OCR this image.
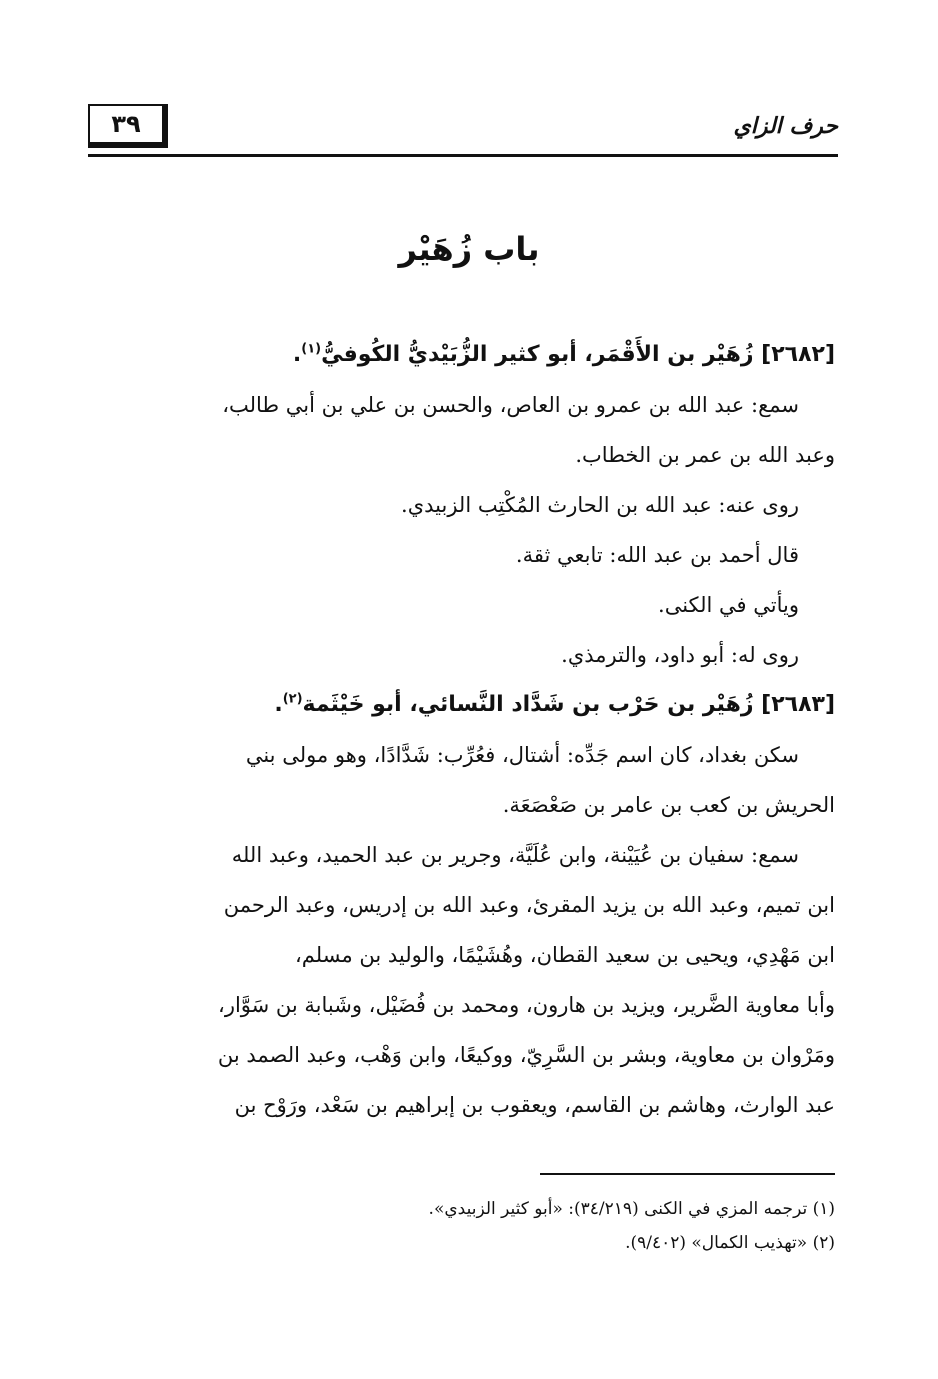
٣٩	حرف الزاي
باب زُهَيْر
[٢٦٨٢] زُهَيْر بن الأَقْمَر، أبو كثير الزُّبَيْديُّ الكُوفيُّ$^{(١)}$.
سمع: عبد الله بن عمرو بن العاص، والحسن بن علي بن أبي طالب،
وعبد الله بن عمر بن الخطاب.
روى عنه: عبد الله بن الحارث المُكْتِب الزبيدي.
قال أحمد بن عبد الله: تابعي ثقة.
ويأتي في الكنى.
روى له: أبو داود، والترمذي.
[٢٦٨٣] زُهَيْر بن حَرْب بن شَدَّاد النَّسائي، أبو خَيْثَمة$^{(٢)}$.
سكن بغداد، كان اسم جَدِّه: أشتال، فعُرِّب: شَدَّادًا، وهو مولى بني
الحريش بن كعب بن عامر بن صَعْصَعَة.
سمع: سفيان بن عُيَيْنة، وابن عُلَيَّة، وجرير بن عبد الحميد، وعبد الله
ابن تميم، وعبد الله بن يزيد المقرئ، وعبد الله بن إدريس، وعبد الرحمن
ابن مَهْدِي، ويحيى بن سعيد القطان، وهُشَيْمًا، والوليد بن مسلم،
وأبا معاوية الضَّرير، ويزيد بن هارون، ومحمد بن فُضَيْل، وشَبابة بن سَوَّار،
ومَرْوان بن معاوية، وبشر بن السَّرِيّ، ووكيعًا، وابن وَهْب، وعبد الصمد بن
عبد الوارث، وهاشم بن القاسم، ويعقوب بن إبراهيم بن سَعْد، ورَوْح بن
(١) ترجمه المزي في الكنى (٣٤/٢١٩): «أبو كثير الزبيدي».
(٢) «تهذيب الكمال» (٩/٤٠٢).
